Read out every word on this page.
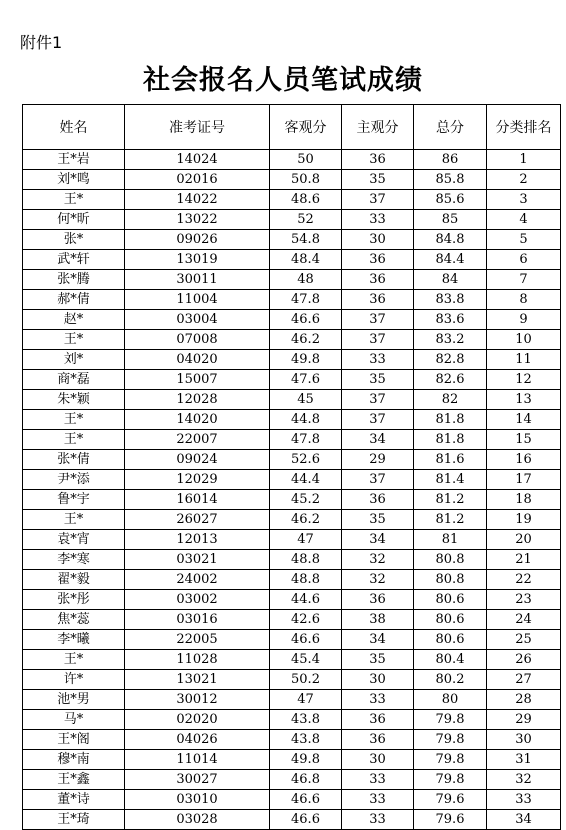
附件1
社会报名人员笔试成绩
姓名	准考证号	客观分	主观分	总分	分类排名
王*岩	14024	50	36	86	1
刘*鸣	02016	50.8	35	85.8	2
王*	14022	48.6	37	85.6	3
何*昕	13022	52	33	85	4
张*	09026	54.8	30	84.8	5
武*轩	13019	48.4	36	84.4	6
张*腾	30011	48	36	84	7
郝*倩	11004	47.8	36	83.8	8
赵*	03004	46.6	37	83.6	9
王*	07008	46.2	37	83.2	10
刘*	04020	49.8	33	82.8	11
商*磊	15007	47.6	35	82.6	12
朱*颖	12028	45	37	82	13
王*	14020	44.8	37	81.8	14
王*	22007	47.8	34	81.8	15
张*倩	09024	52.6	29	81.6	16
尹*添	12029	44.4	37	81.4	17
鲁*宇	16014	45.2	36	81.2	18
王*	26027	46.2	35	81.2	19
袁*宵	12013	47	34	81	20
李*寒	03021	48.8	32	80.8	21
翟*毅	24002	48.8	32	80.8	22
张*彤	03002	44.6	36	80.6	23
焦*蕊	03016	42.6	38	80.6	24
李*曦	22005	46.6	34	80.6	25
王*	11028	45.4	35	80.4	26
许*	13021	50.2	30	80.2	27
池*男	30012	47	33	80	28
马*	02020	43.8	36	79.8	29
王*阁	04026	43.8	36	79.8	30
穆*南	11014	49.8	30	79.8	31
王*鑫	30027	46.8	33	79.8	32
董*诗	03010	46.6	33	79.6	33
王*琦	03028	46.6	33	79.6	34
